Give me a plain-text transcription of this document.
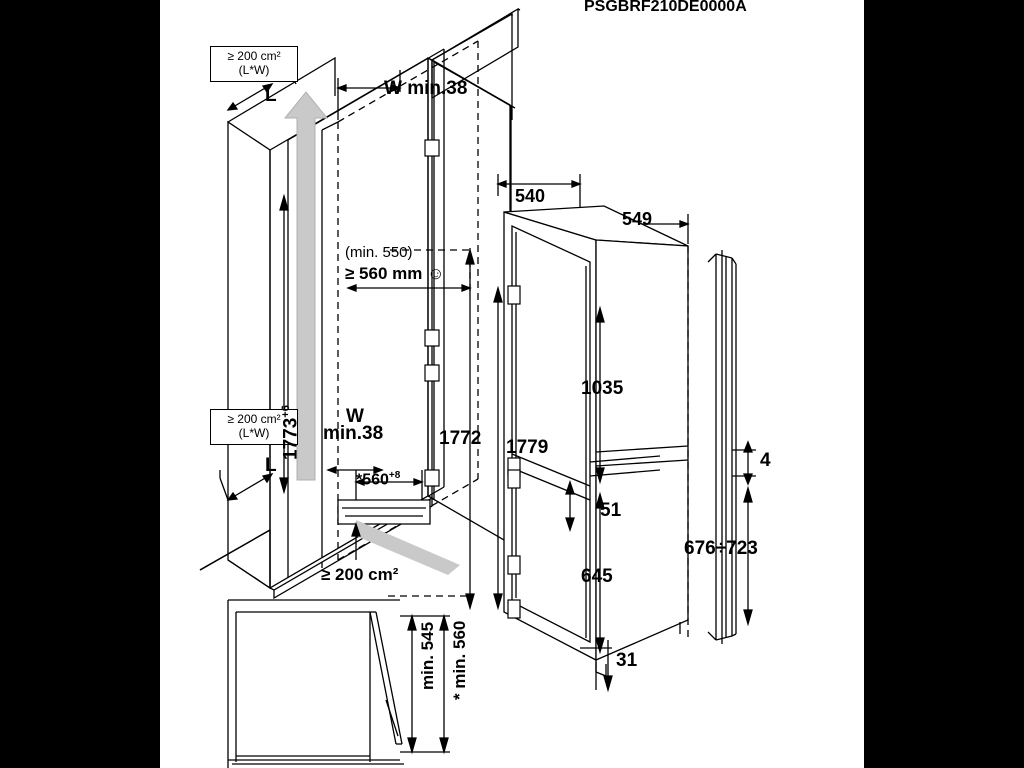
PSGBRF210DE0000A
≥ 200 cm²
(L*W)
≥ 200 cm²
(L*W)
L
L
W min.38
W
min.38
$1773^{+6}$
(min. 550)
≥ 560 mm ☺
$*560^{+8}$
≥ 200 cm²
540
549
1772 1779
1035
51
645
31
4
676÷723
min. 545 * min. 560
